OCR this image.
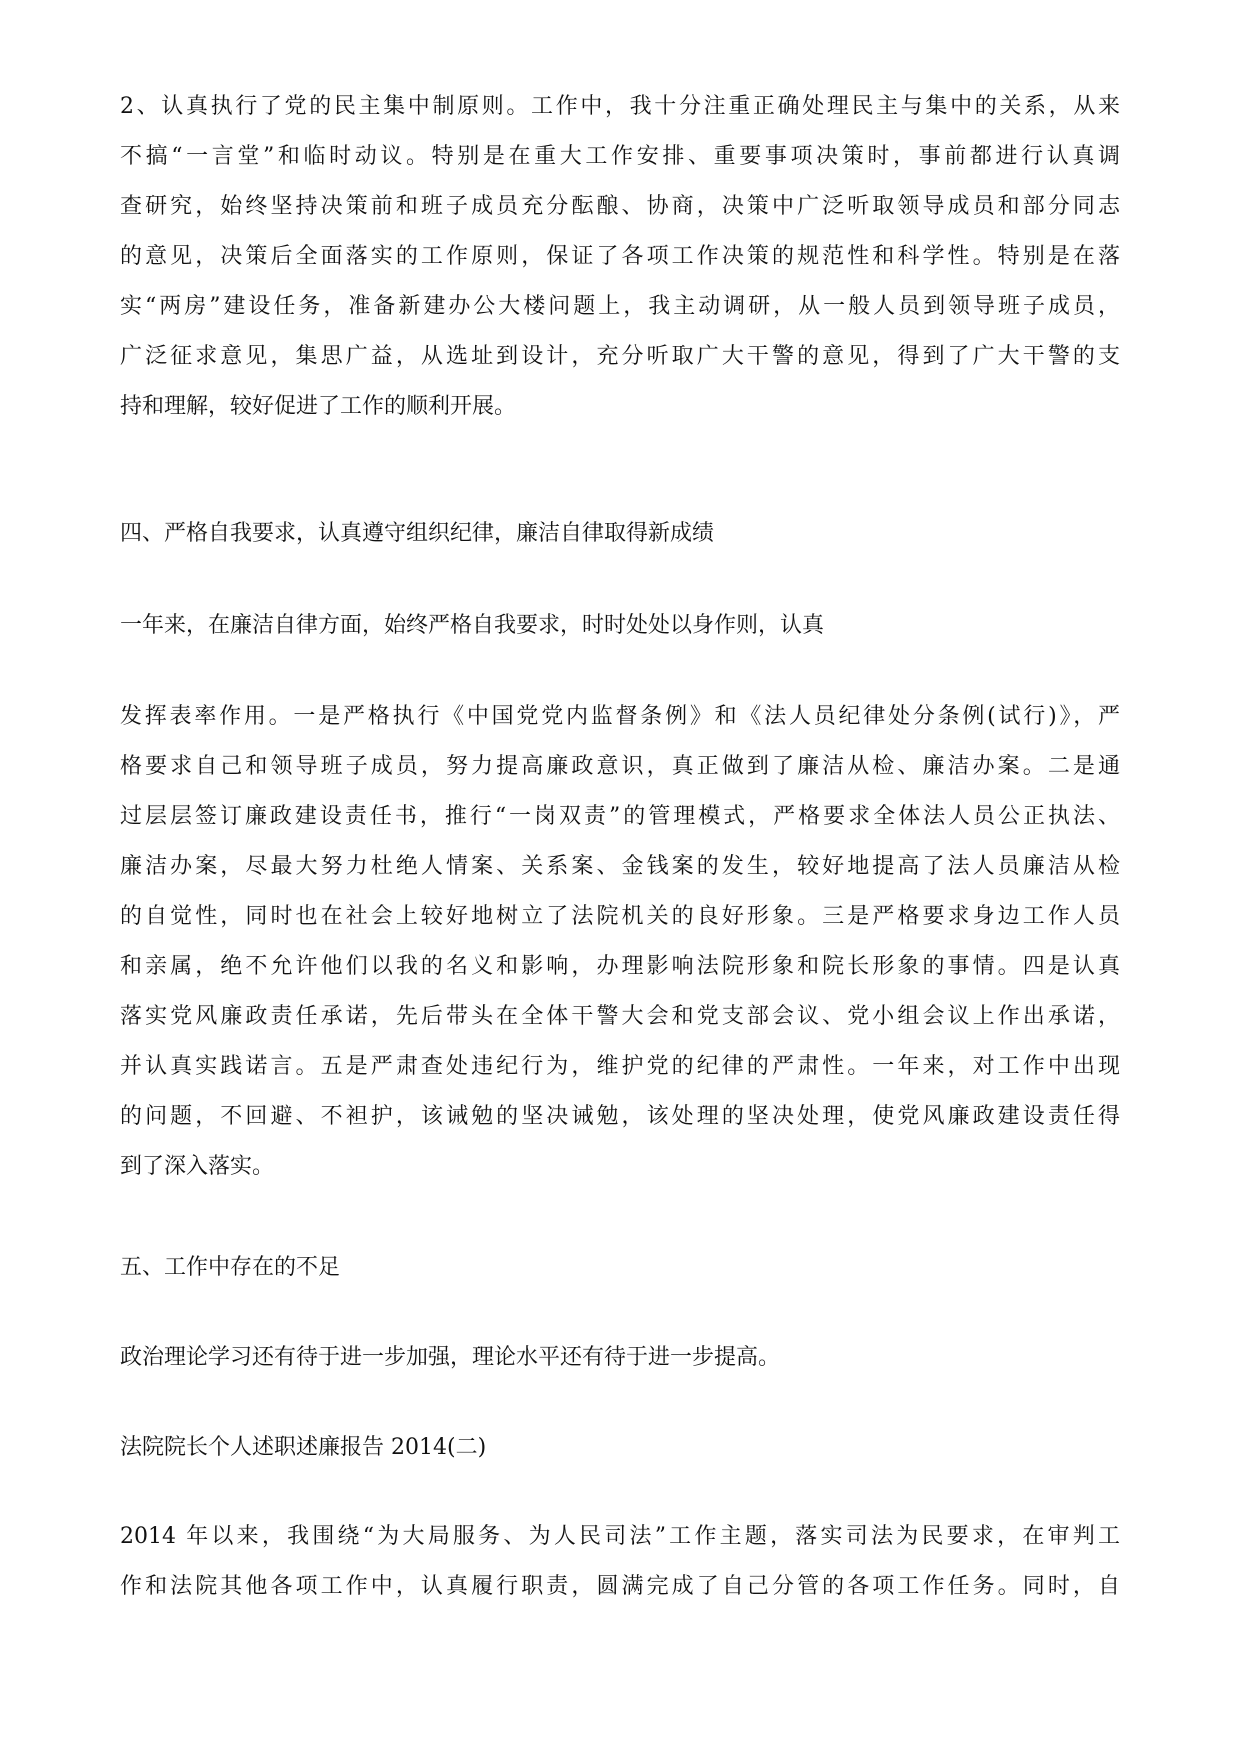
2、认真执行了党的民主集中制原则。工作中，我十分注重正确处理民主与集中的关系，从来
不搞“一言堂”和临时动议。特别是在重大工作安排、重要事项决策时，事前都进行认真调
查研究，始终坚持决策前和班子成员充分酝酿、协商，决策中广泛听取领导成员和部分同志
的意见，决策后全面落实的工作原则，保证了各项工作决策的规范性和科学性。特别是在落
实“两房”建设任务，准备新建办公大楼问题上，我主动调研，从一般人员到领导班子成员，
广泛征求意见，集思广益，从选址到设计，充分听取广大干警的意见，得到了广大干警的支
持和理解，较好促进了工作的顺利开展。
四、严格自我要求，认真遵守组织纪律，廉洁自律取得新成绩
一年来，在廉洁自律方面，始终严格自我要求，时时处处以身作则，认真
发挥表率作用。一是严格执行《中国党党内监督条例》和《法人员纪律处分条例(试行)》，严
格要求自己和领导班子成员，努力提高廉政意识，真正做到了廉洁从检、廉洁办案。二是通
过层层签订廉政建设责任书，推行“一岗双责”的管理模式，严格要求全体法人员公正执法、
廉洁办案，尽最大努力杜绝人情案、关系案、金钱案的发生，较好地提高了法人员廉洁从检
的自觉性，同时也在社会上较好地树立了法院机关的良好形象。三是严格要求身边工作人员
和亲属，绝不允许他们以我的名义和影响，办理影响法院形象和院长形象的事情。四是认真
落实党风廉政责任承诺，先后带头在全体干警大会和党支部会议、党小组会议上作出承诺，
并认真实践诺言。五是严肃查处违纪行为，维护党的纪律的严肃性。一年来，对工作中出现
的问题，不回避、不袒护，该诫勉的坚决诫勉，该处理的坚决处理，使党风廉政建设责任得
到了深入落实。
五、工作中存在的不足
政治理论学习还有待于进一步加强，理论水平还有待于进一步提高。
法院院长个人述职述廉报告 2014(二)
2014 年以来，我围绕“为大局服务、为人民司法”工作主题，落实司法为民要求，在审判工
作和法院其他各项工作中，认真履行职责，圆满完成了自己分管的各项工作任务。同时，自
